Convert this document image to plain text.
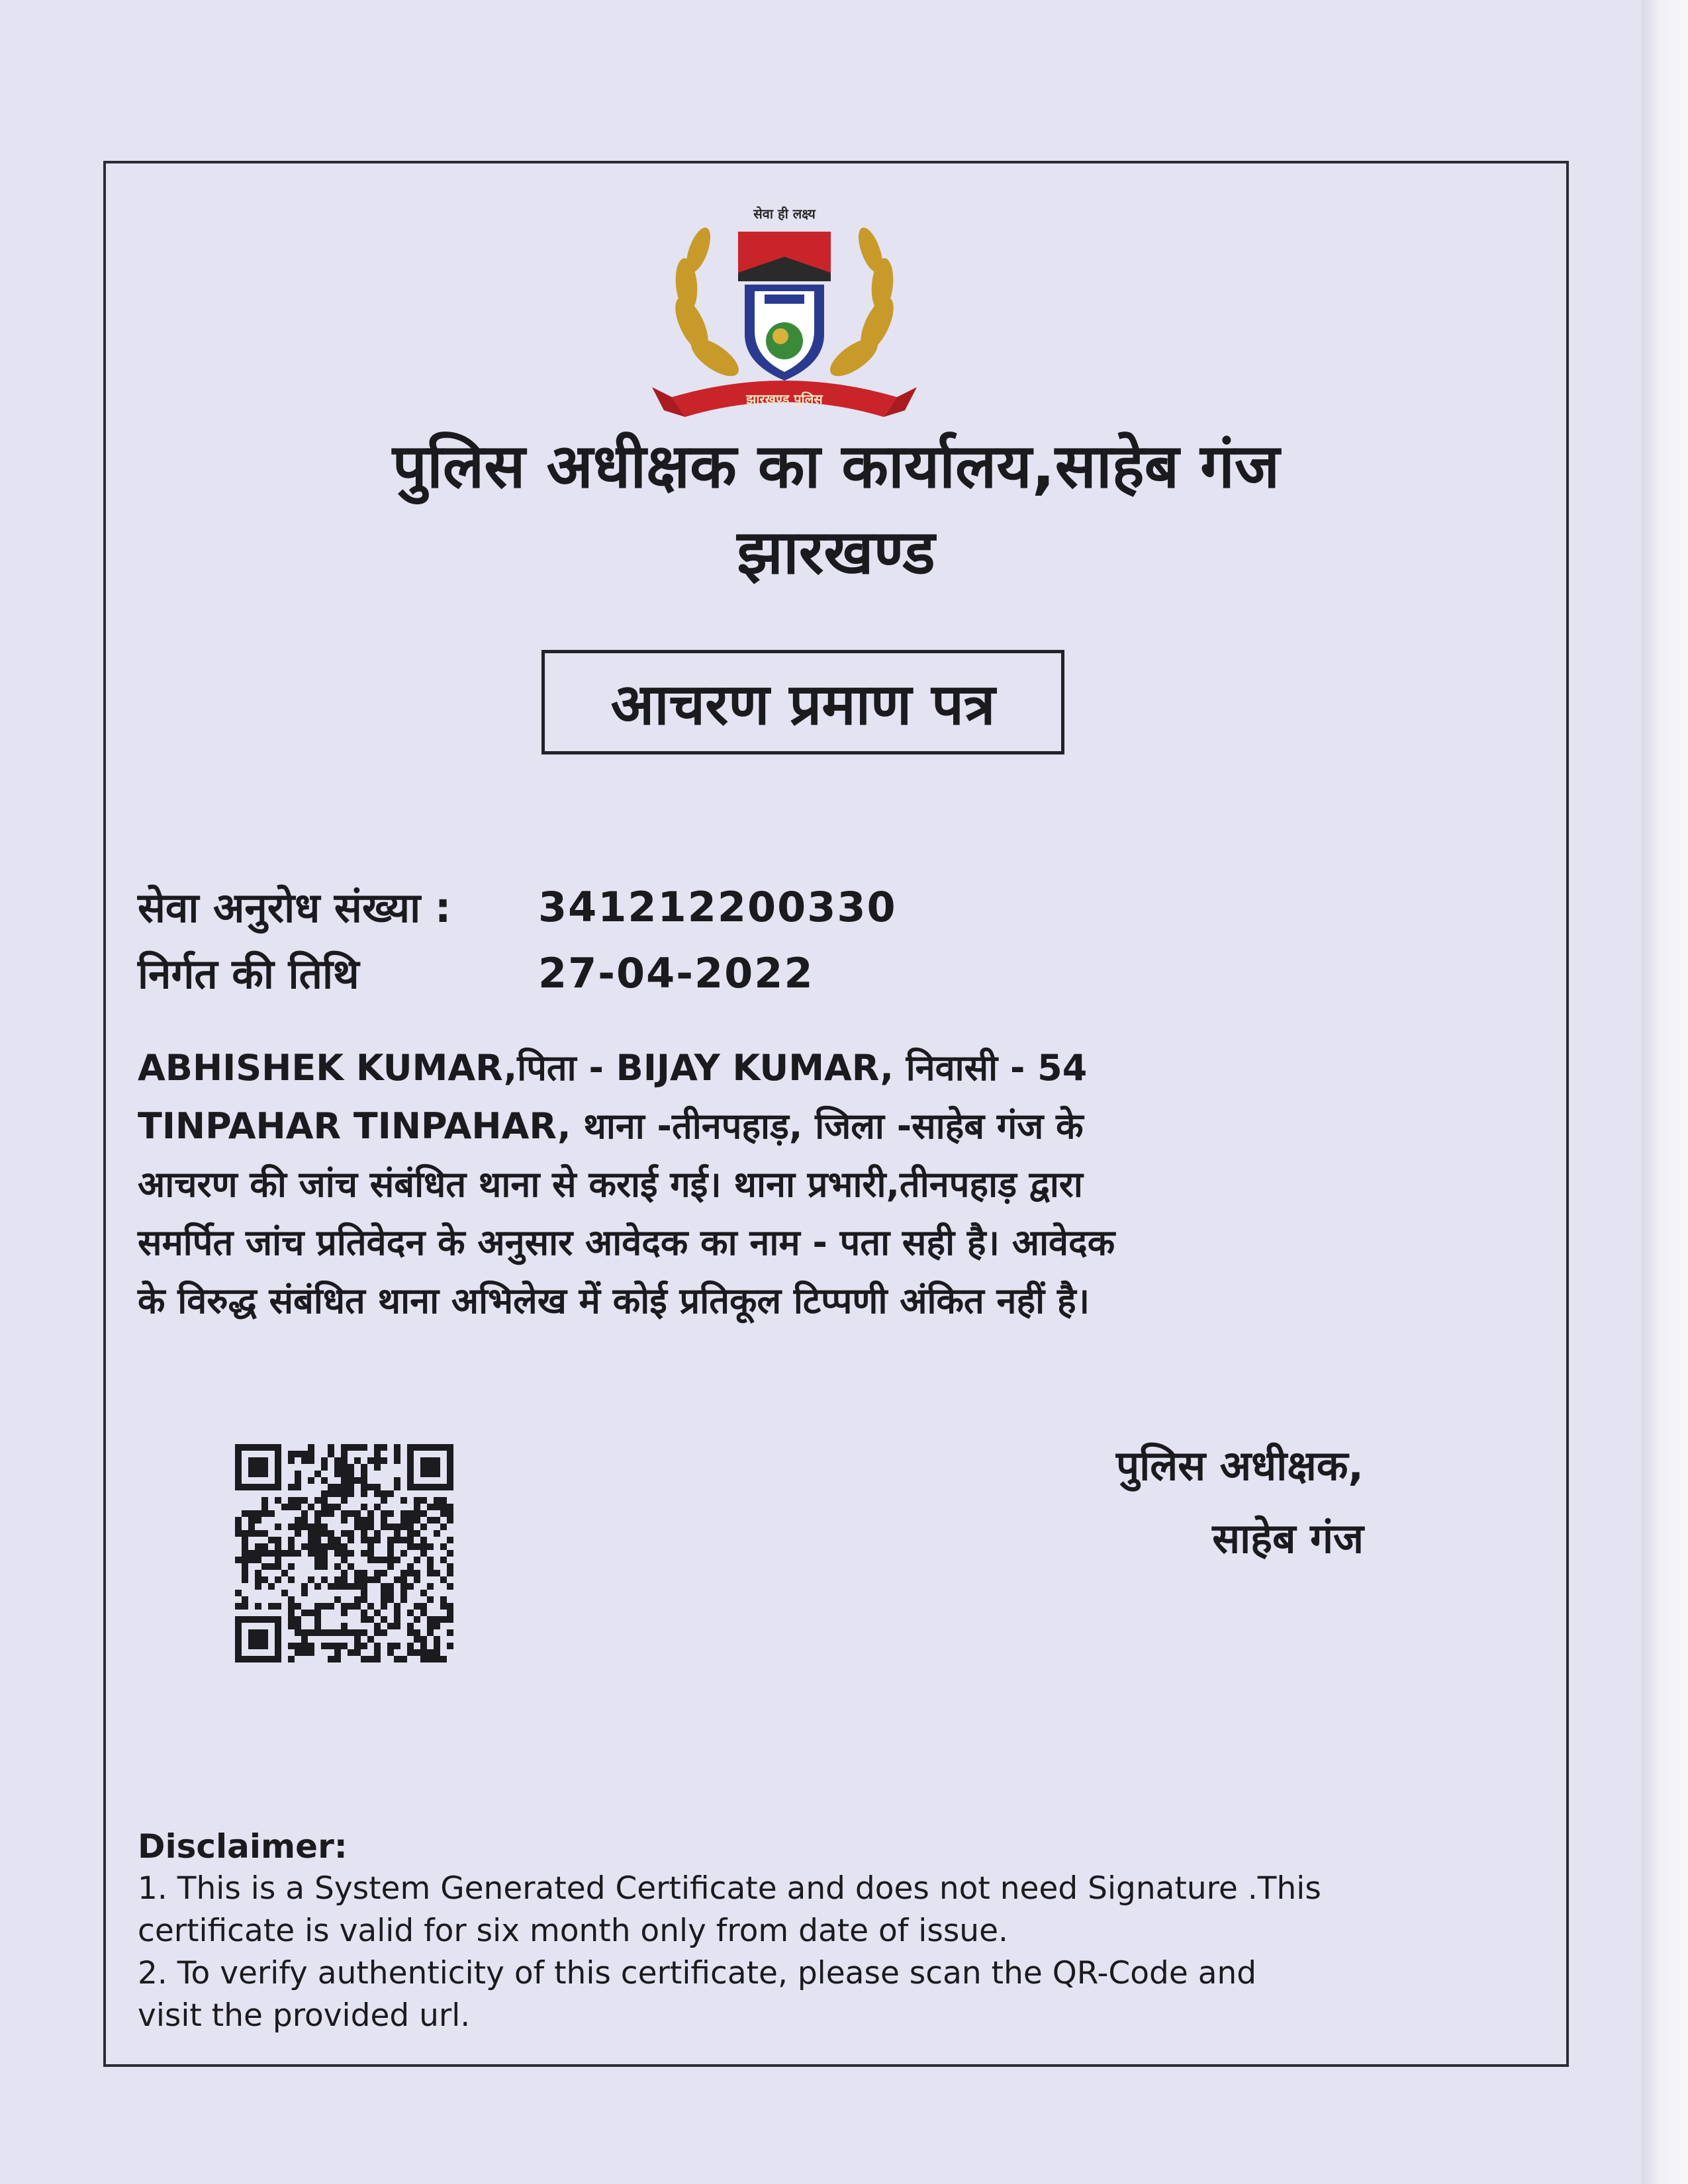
सेवा ही लक्ष्य
झारखण्ड पुलिस
पुलिस अधीक्षक का कार्यालय,साहेब गंज
झारखण्ड
आचरण प्रमाण पत्र
सेवा अनुरोध संख्या :	341212200330
निर्गत की तिथि	27-04-2022
ABHISHEK KUMAR,पिता - BIJAY KUMAR, निवासी - 54
TINPAHAR TINPAHAR, थाना -तीनपहाड़, जिला -साहेब गंज के
आचरण की जांच संबंधित थाना से कराई गई। थाना प्रभारी,तीनपहाड़ द्वारा
समर्पित जांच प्रतिवेदन के अनुसार आवेदक का नाम - पता सही है। आवेदक
के विरुद्ध संबंधित थाना अभिलेख में कोई प्रतिकूल टिप्पणी अंकित नहीं है।
पुलिस अधीक्षक,
साहेब गंज
Disclaimer:
1. This is a System Generated Certificate and does not need Signature .This
certificate is valid for six month only from date of issue.
2. To verify authenticity of this certificate, please scan the QR-Code and
visit the provided url.
